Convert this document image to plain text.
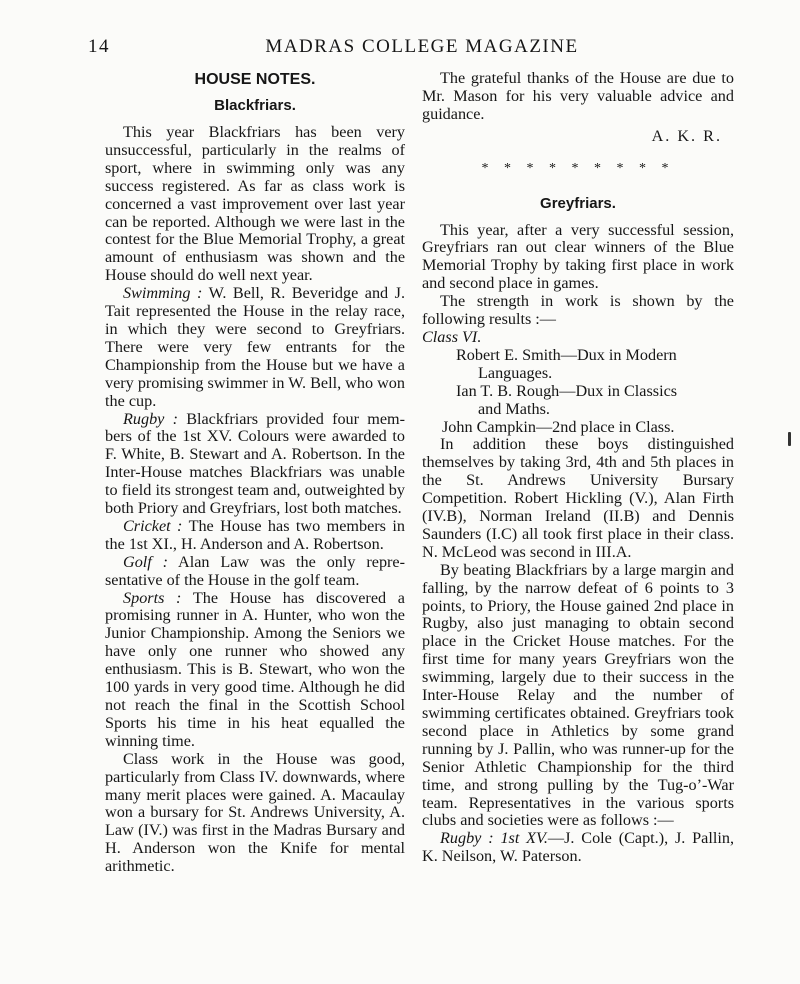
14	MADRAS COLLEGE MAGAZINE
HOUSE NOTES.
Blackfriars.

This year Blackfriars has been very unsuccessful, particularly in the realms of sport, where in swimming only was any success registered. As far as class work is concerned a vast improvement over last year can be reported. Although we were last in the contest for the Blue Memorial Trophy, a great amount of enthusiasm was shown and the House should do well next year.

Swimming : W. Bell, R. Beveridge and J. Tait represented the House in the relay race, in which they were second to Greyfriars. There were very few entrants for the Championship from the House but we have a very promising swimmer in W. Bell, who won the cup.

Rugby : Blackfriars provided four members of the 1st XV. Colours were awarded to F. White, B. Stewart and A. Robertson. In the Inter-House matches Blackfriars was unable to field its strongest team and, outweighted by both Priory and Greyfriars, lost both matches.

Cricket : The House has two members in the 1st XI., H. Anderson and A. Robertson.

Golf : Alan Law was the only representative of the House in the golf team.

Sports : The House has discovered a promising runner in A. Hunter, who won the Junior Championship. Among the Seniors we have only one runner who showed any enthusiasm. This is B. Stewart, who won the 100 yards in very good time. Although he did not reach the final in the Scottish School Sports his time in his heat equalled the winning time.

Class work in the House was good, particularly from Class IV. downwards, where many merit places were gained. A. Macaulay won a bursary for St. Andrews University, A. Law (IV.) was first in the Madras Bursary and H. Anderson won the Knife for mental arithmetic.

The grateful thanks of the House are due to Mr. Mason for his very valuable advice and guidance.

A. K. R.
* * * * * * * * *
Greyfriars.

This year, after a very successful session, Greyfriars ran out clear winners of the Blue Memorial Trophy by taking first place in work and second place in games.

The strength in work is shown by the following results :—

Class VI.

Robert E. Smith—Dux in Modern
Languages.

Ian T. B. Rough—Dux in Classics
and Maths.

John Campkin—2nd place in Class.

In addition these boys distinguished themselves by taking 3rd, 4th and 5th places in the St. Andrews University Bursary Competition. Robert Hickling (V.), Alan Firth (IV.B), Norman Ireland (II.B) and Dennis Saunders (I.C) all took first place in their class. N. McLeod was second in III.A.

By beating Blackfriars by a large margin and falling, by the narrow defeat of 6 points to 3 points, to Priory, the House gained 2nd place in Rugby, also just managing to obtain second place in the Cricket House matches. For the first time for many years Greyfriars won the swimming, largely due to their success in the Inter-House Relay and the number of swimming certificates obtained. Greyfriars took second place in Athletics by some grand running by J. Pallin, who was runner-up for the Senior Athletic Championship for the third time, and strong pulling by the Tug-o’-War team. Representatives in the various sports clubs and societies were as follows :—

Rugby : 1st XV.—J. Cole (Capt.), J. Pallin, K. Neilson, W. Paterson.
